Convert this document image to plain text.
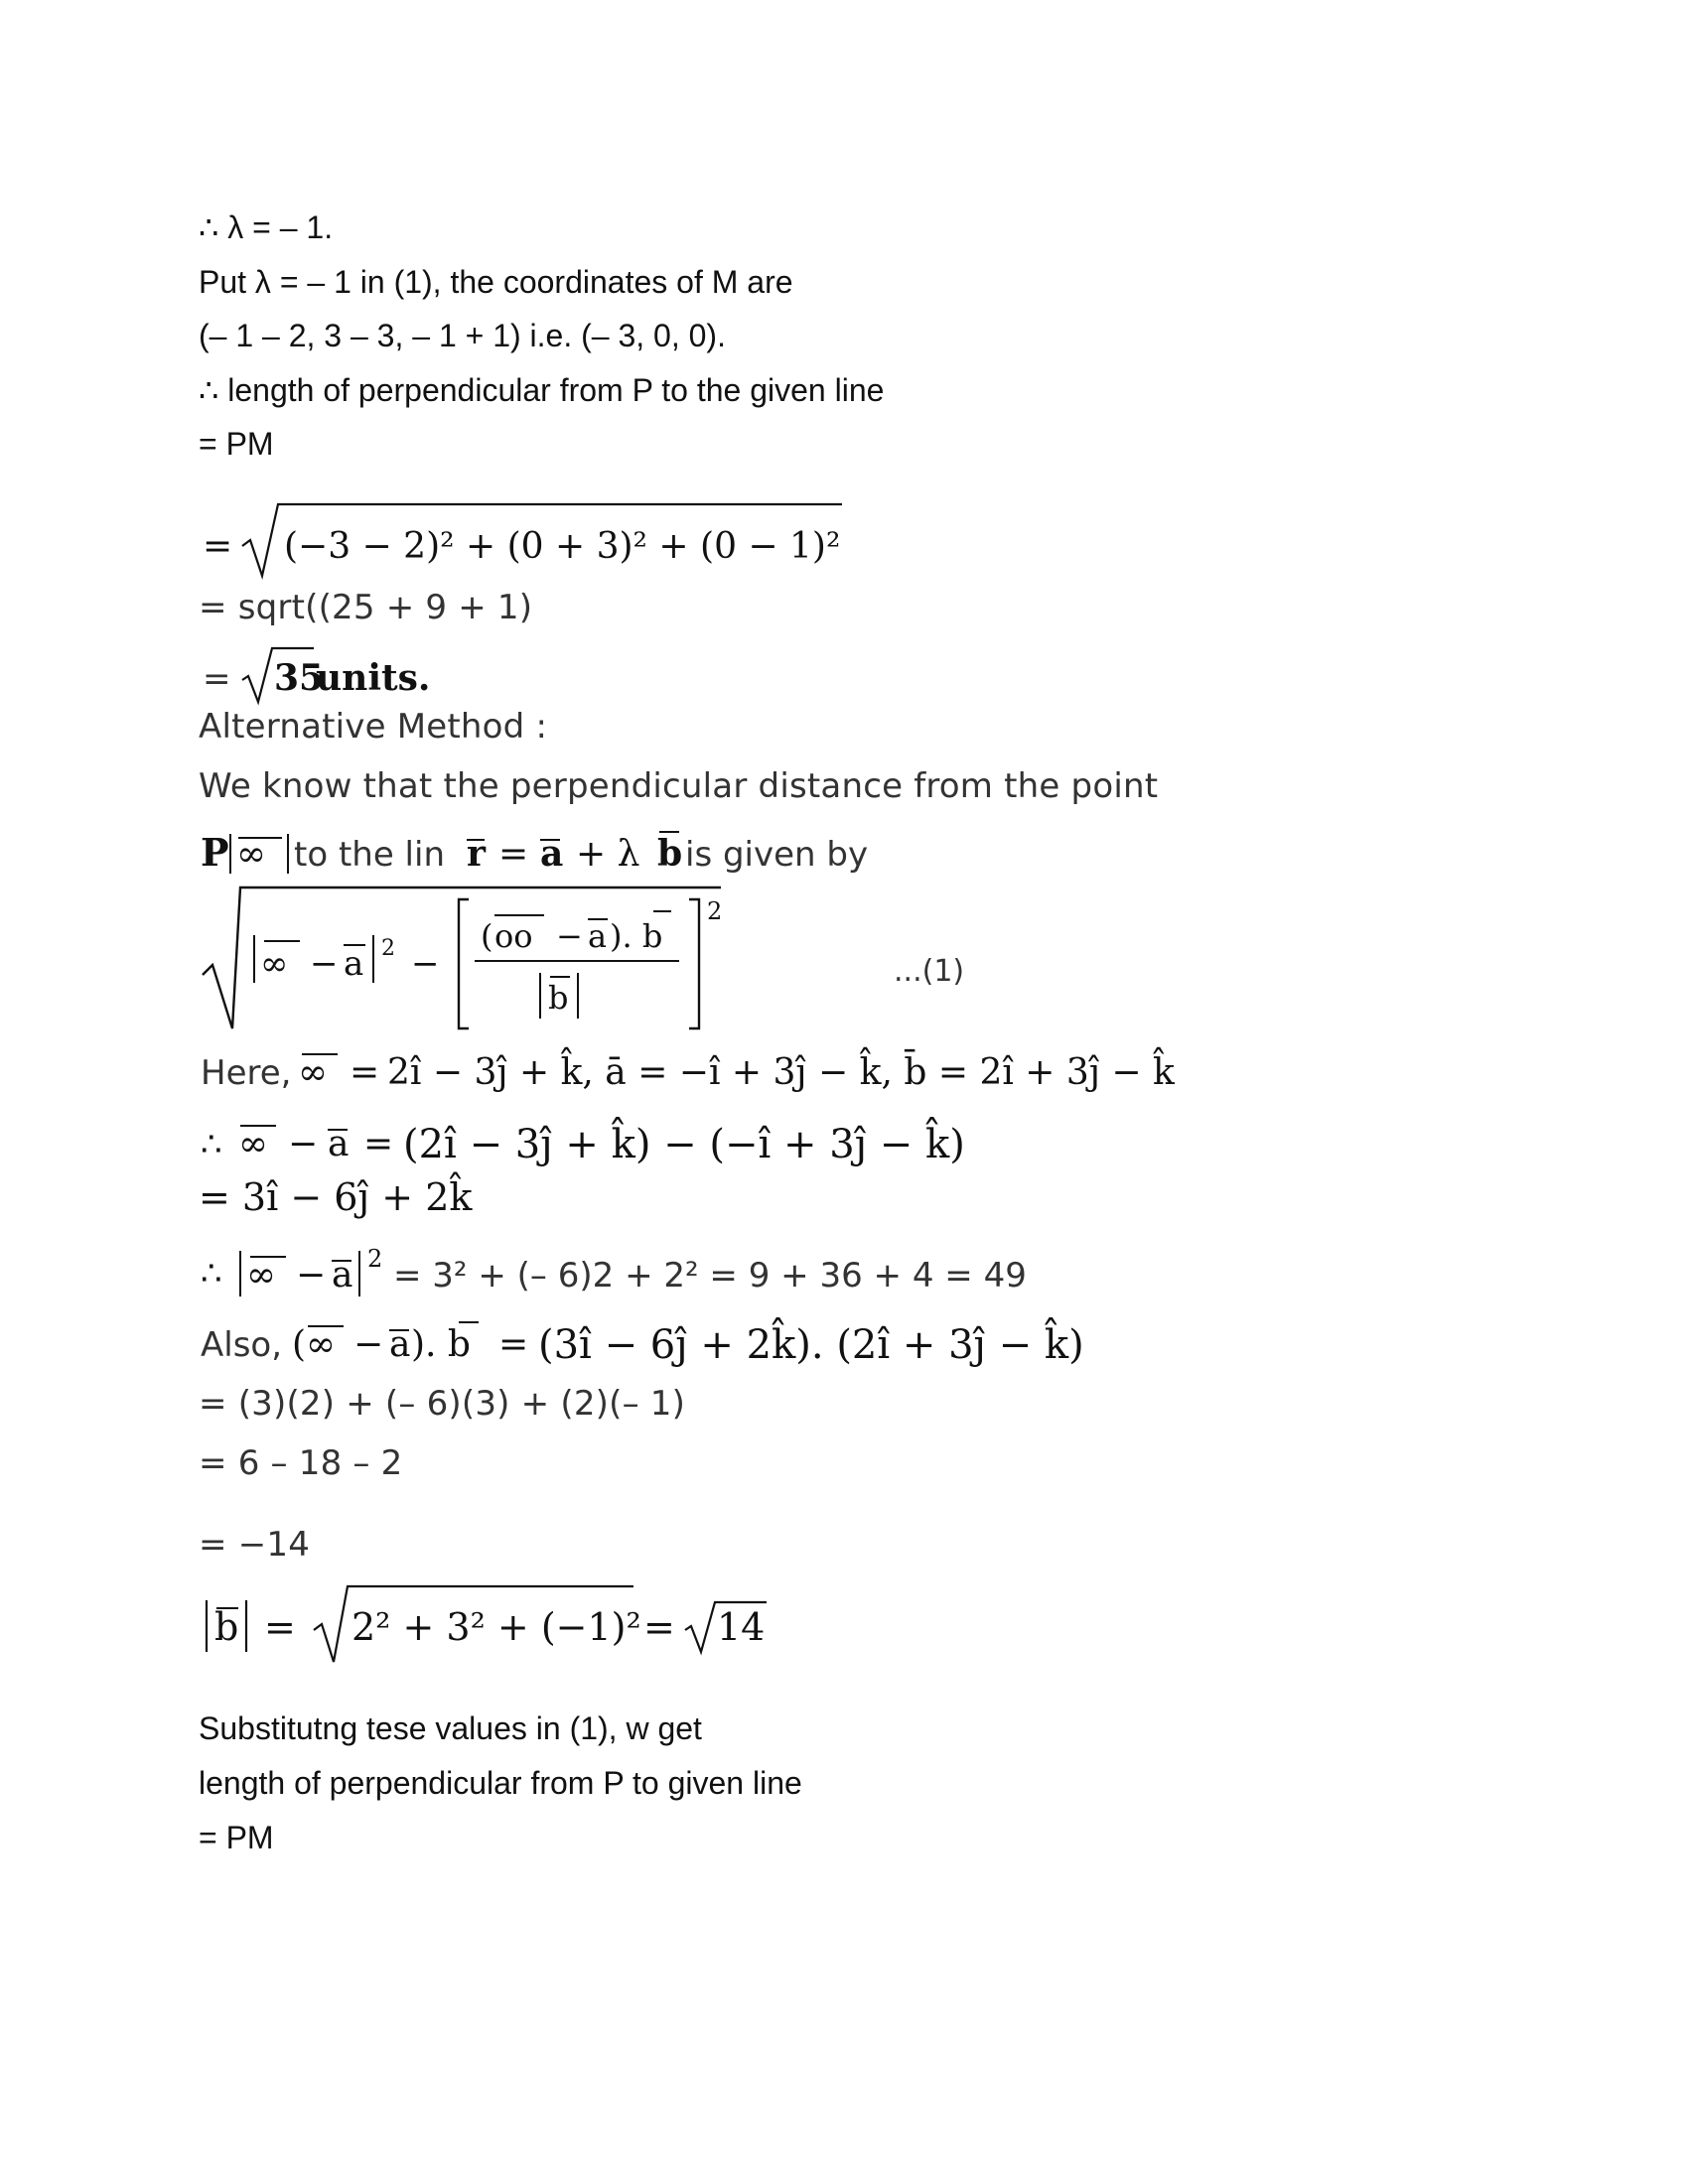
∴ λ = – 1.
Put λ = – 1 in (1), the coordinates of M are
(– 1 – 2, 3 – 3, – 1 + 1) i.e. (– 3, 0, 0).
∴ length of perpendicular from P to the given line
= PM
= (−3 − 2)² + (0 + 3)² + (0 − 1)²
= sqrt((25 + 9 + 1)
= 35
units.
Alternative Method :
We know that the perpendicular distance from the point
P ∞ to the lin r = a + λ b is given by
∞ − a 2 −
( oo − a ). b
b
2
...(1)
Here, ∞ = 2î − 3ĵ + k̂, ā = −î + 3ĵ − k̂, b̄ = 2î + 3ĵ − k̂
∴ ∞ − a = (2î − 3ĵ + k̂) − (−î + 3ĵ − k̂)
= 3î − 6ĵ + 2k̂
∴ ∞ − a 2 = 3² + (– 6)2 + 2² = 9 + 36 + 4 = 49
Also, ( ∞ − a ). b = (3î − 6ĵ + 2k̂). (2î + 3ĵ − k̂)
= (3)(2) + (– 6)(3) + (2)(– 1)
= 6 – 18 – 2
= −14
b = 2² + 3² + (−1)² = 14
Substitutng tese values in (1), w get
length of perpendicular from P to given line
= PM
